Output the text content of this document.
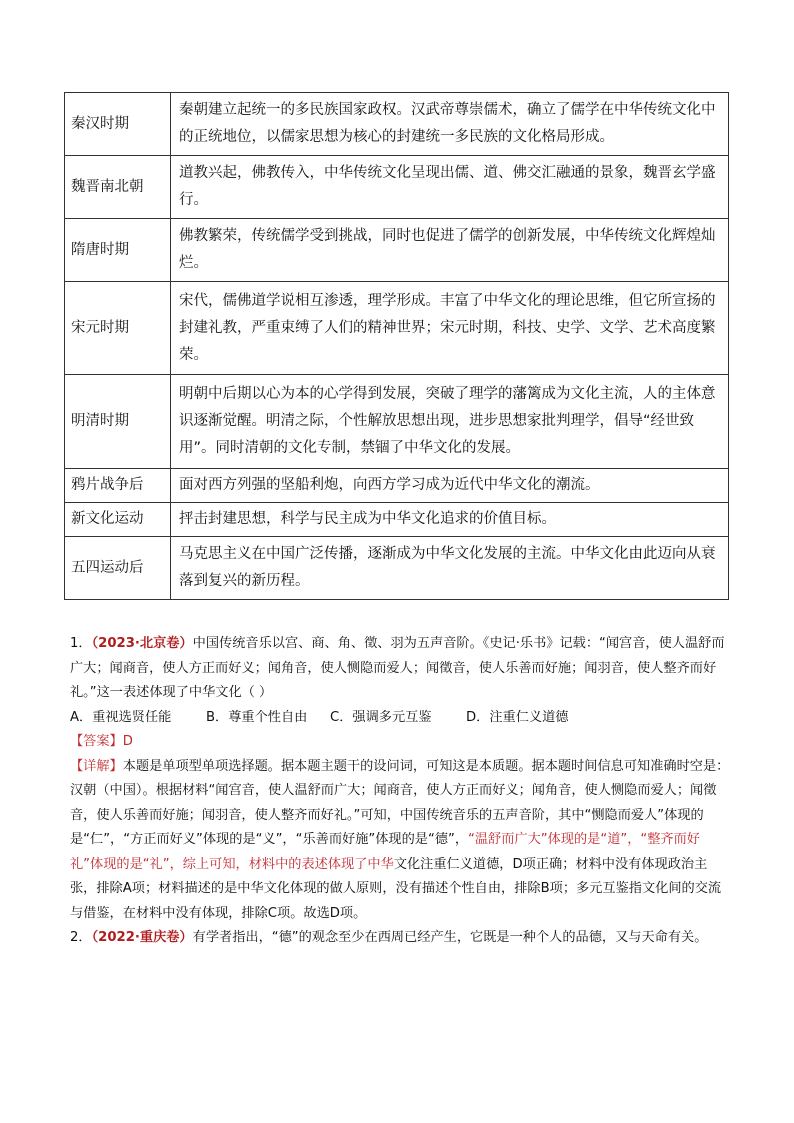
秦汉时期	秦朝建立起统一的多民族国家政权。汉武帝尊崇儒术，确立了儒学在中华传统文化中的正统地位，以儒家思想为核心的封建统一多民族的文化格局形成。
魏晋南北朝	道教兴起，佛教传入，中华传统文化呈现出儒、道、佛交汇融通的景象，魏晋玄学盛行。
隋唐时期	佛教繁荣，传统儒学受到挑战，同时也促进了儒学的创新发展，中华传统文化辉煌灿烂。
宋元时期	宋代，儒佛道学说相互渗透，理学形成。丰富了中华文化的理论思维，但它所宣扬的封建礼教，严重束缚了人们的精神世界；宋元时期，科技、史学、文学、艺术高度繁荣。
明清时期	明朝中后期以心为本的心学得到发展，突破了理学的藩篱成为文化主流，人的主体意识逐渐觉醒。明清之际，个性解放思想出现，进步思想家批判理学，倡导“经世致用”。同时清朝的文化专制，禁锢了中华文化的发展。
鸦片战争后	面对西方列强的坚船利炮，向西方学习成为近代中华文化的潮流。
新文化运动	抨击封建思想，科学与民主成为中华文化追求的价值目标。
五四运动后	马克思主义在中国广泛传播，逐渐成为中华文化发展的主流。中华文化由此迈向从衰落到复兴的新历程。

1．（2023·北京卷）中国传统音乐以宫、商、角、徵、羽为五声音阶。《史记·乐书》记载：“闻宫音，使人温舒而广大；闻商音，使人方正而好义；闻角音，使人恻隐而爱人；闻徵音，使人乐善而好施；闻羽音，使人整齐而好礼。”这一表述体现了中华文化（ ）

A．重视选贤任能	B．尊重个性自由	C．强调多元互鉴	D．注重仁义道德

【答案】D

【详解】本题是单项型单项选择题。据本题主题干的设问词，可知这是本质题。据本题时间信息可知准确时空是：汉朝（中国）。根据材料“闻宫音，使人温舒而广大；闻商音，使人方正而好义；闻角音，使人恻隐而爱人；闻徵音，使人乐善而好施；闻羽音，使人整齐而好礼。”可知，中国传统音乐的五声音阶，其中“恻隐而爱人”体现的是“仁”，“方正而好义”体现的是“义”，“乐善而好施”体现的是“德”，“温舒而广大”体现的是“道”，“整齐而好礼”体现的是“礼”，综上可知，材料中的表述体现了中华文化注重仁义道德，D项正确；材料中没有体现政治主张，排除A项；材料描述的是中华文化体现的做人原则，没有描述个性自由，排除B项；多元互鉴指文化间的交流与借鉴，在材料中没有体现，排除C项。故选D项。

2．（2022·重庆卷）有学者指出，“德”的观念至少在西周已经产生，它既是一种个人的品德，又与天命有关。
